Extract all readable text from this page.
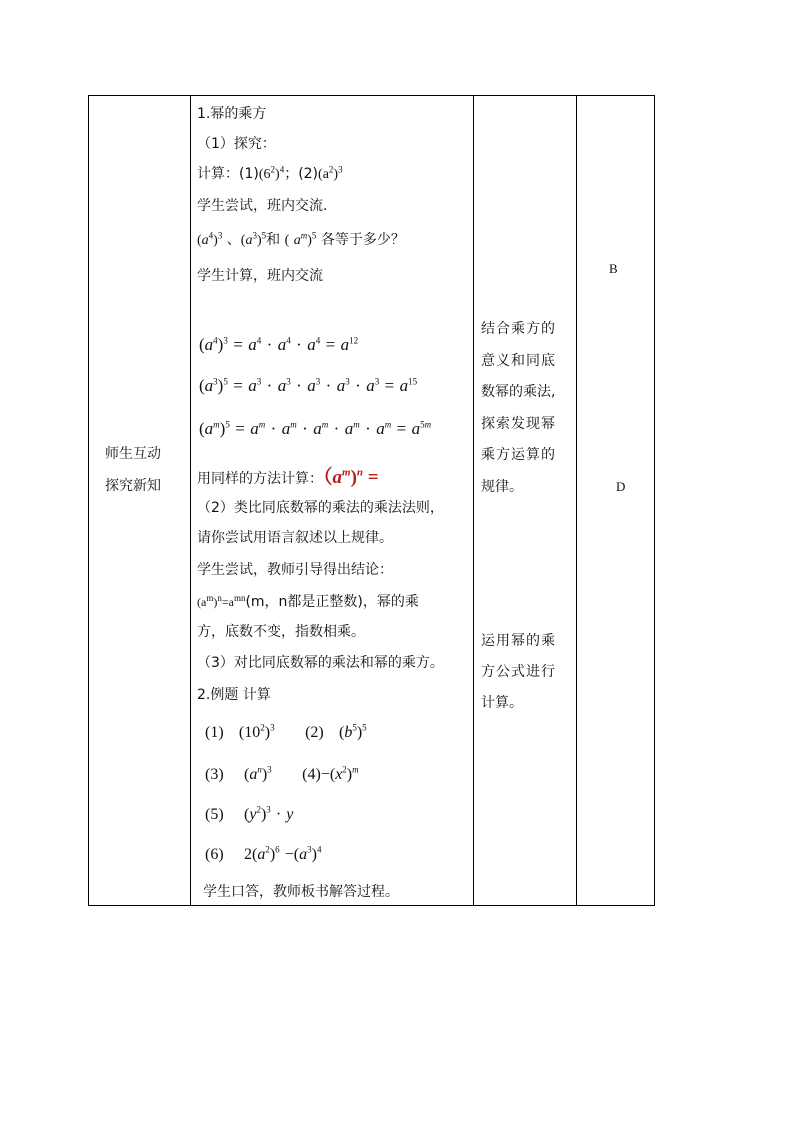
师生互动
探究新知
1.幂的乘方
（1）探究：
计算：$(1)(6^2)^4$；$(2)(a^2)^3$
学生尝试，班内交流.
$(a^4)^3$ 、$(a^3)^5$和 ( $a^m)^5$ 各等于多少？
学生计算，班内交流
$(a^4)^3 = a^4 \cdot a^4 \cdot a^4 = a^{12}$
$(a^3)^5 = a^3 \cdot a^3 \cdot a^3 \cdot a^3 \cdot a^3 = a^{15}$
$(a^m)^5 = a^m \cdot a^m \cdot a^m \cdot a^m \cdot a^m = a^{5m}$
用同样的方法计算：$(a^m)^n$ =
（2）类比同底数幂的乘法的乘法法则，
请你尝试用语言叙述以上规律。
学生尝试，教师引导得出结论：
$(a^m)^n=a^{mn}(m$，n都是正整数)，幂的乘
方，底数不变，指数相乘。
（3）对比同底数幂的乘法和幂的乘方。
2.例题 计算
(1) $(10^2)^3$ (2) $(b^5)^5$
(3) $(a^n)^3$ $(4)-(x^2)^m$
(5) $(y^2)^3 \cdot y$
(6) $2(a^2)^6 -(a^3)^4$
学生口答，教师板书解答过程。
结合乘方的
意义和同底
数幂的乘法,
探索发现幂
乘方运算的
规律。
运用幂的乘
方公式进行
计算。
B
D
